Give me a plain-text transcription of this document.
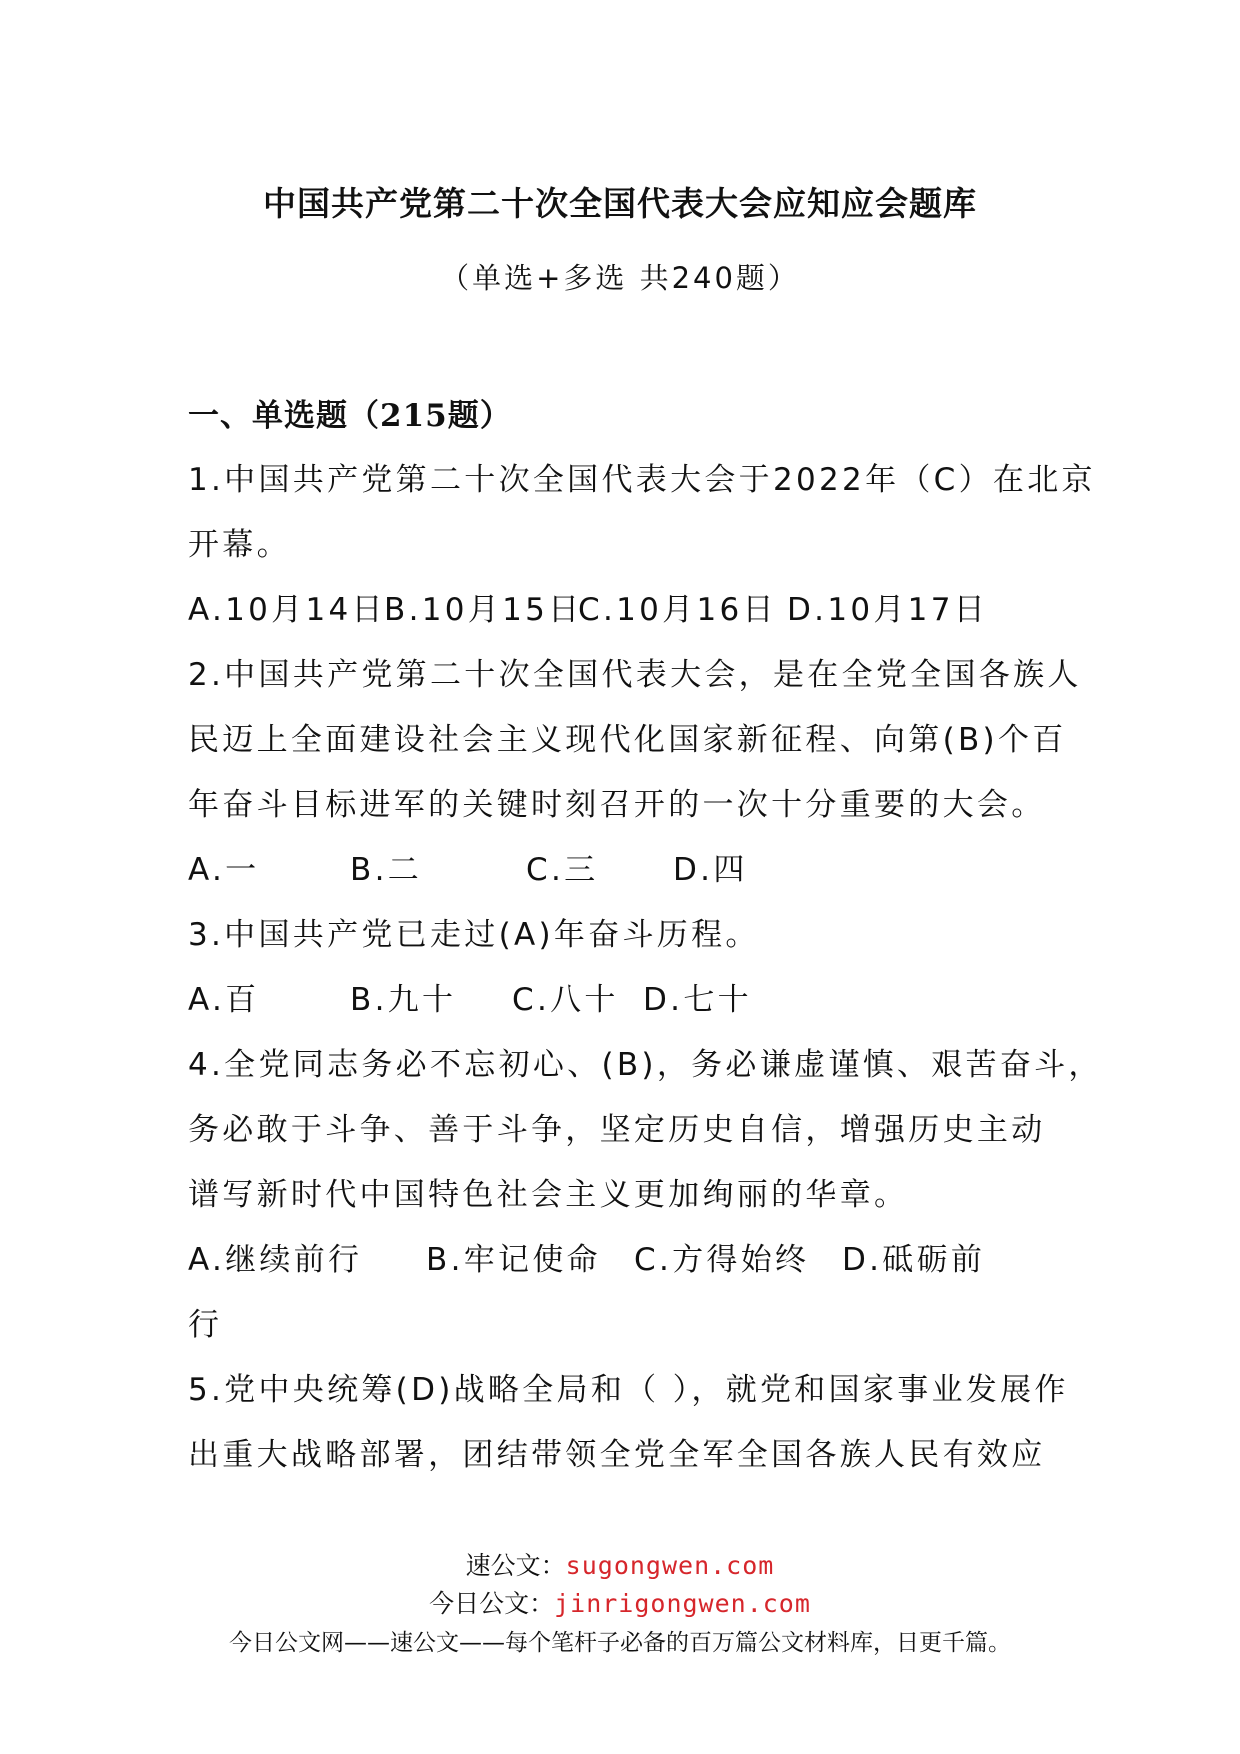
中国共产党第二十次全国代表大会应知应会题库
（单选+多选 共240题）
一、单选题（215题）
1.中国共产党第二十次全国代表大会于2022年（C）在北京
开幕。
A.10月14日
B.10月15日
C.10月16日 D.10月17日
2.中国共产党第二十次全国代表大会，是在全党全国各族人
民迈上全面建设社会主义现代化国家新征程、向第(B)个百
年奋斗目标进军的关键时刻召开的一次十分重要的大会。
A.一	B.二	C.三 D.四
3.中国共产党已走过(A)年奋斗历程。
A.百	B.九十 C.八十 D.七十
4.全党同志务必不忘初心、(B)，务必谦虚谨慎、艰苦奋斗，
务必敢于斗争、善于斗争，坚定历史自信，增强历史主动
谱写新时代中国特色社会主义更加绚丽的华章。
A.继续前行 B.牢记使命 C.方得始终 D.砥砺前
行
5.党中央统筹(D)战略全局和（ ），就党和国家事业发展作
出重大战略部署，团结带领全党全军全国各族人民有效应
速公文：sugongwen.com
今日公文：jinrigongwen.com
今日公文网——速公文——每个笔杆子必备的百万篇公文材料库，日更千篇。
